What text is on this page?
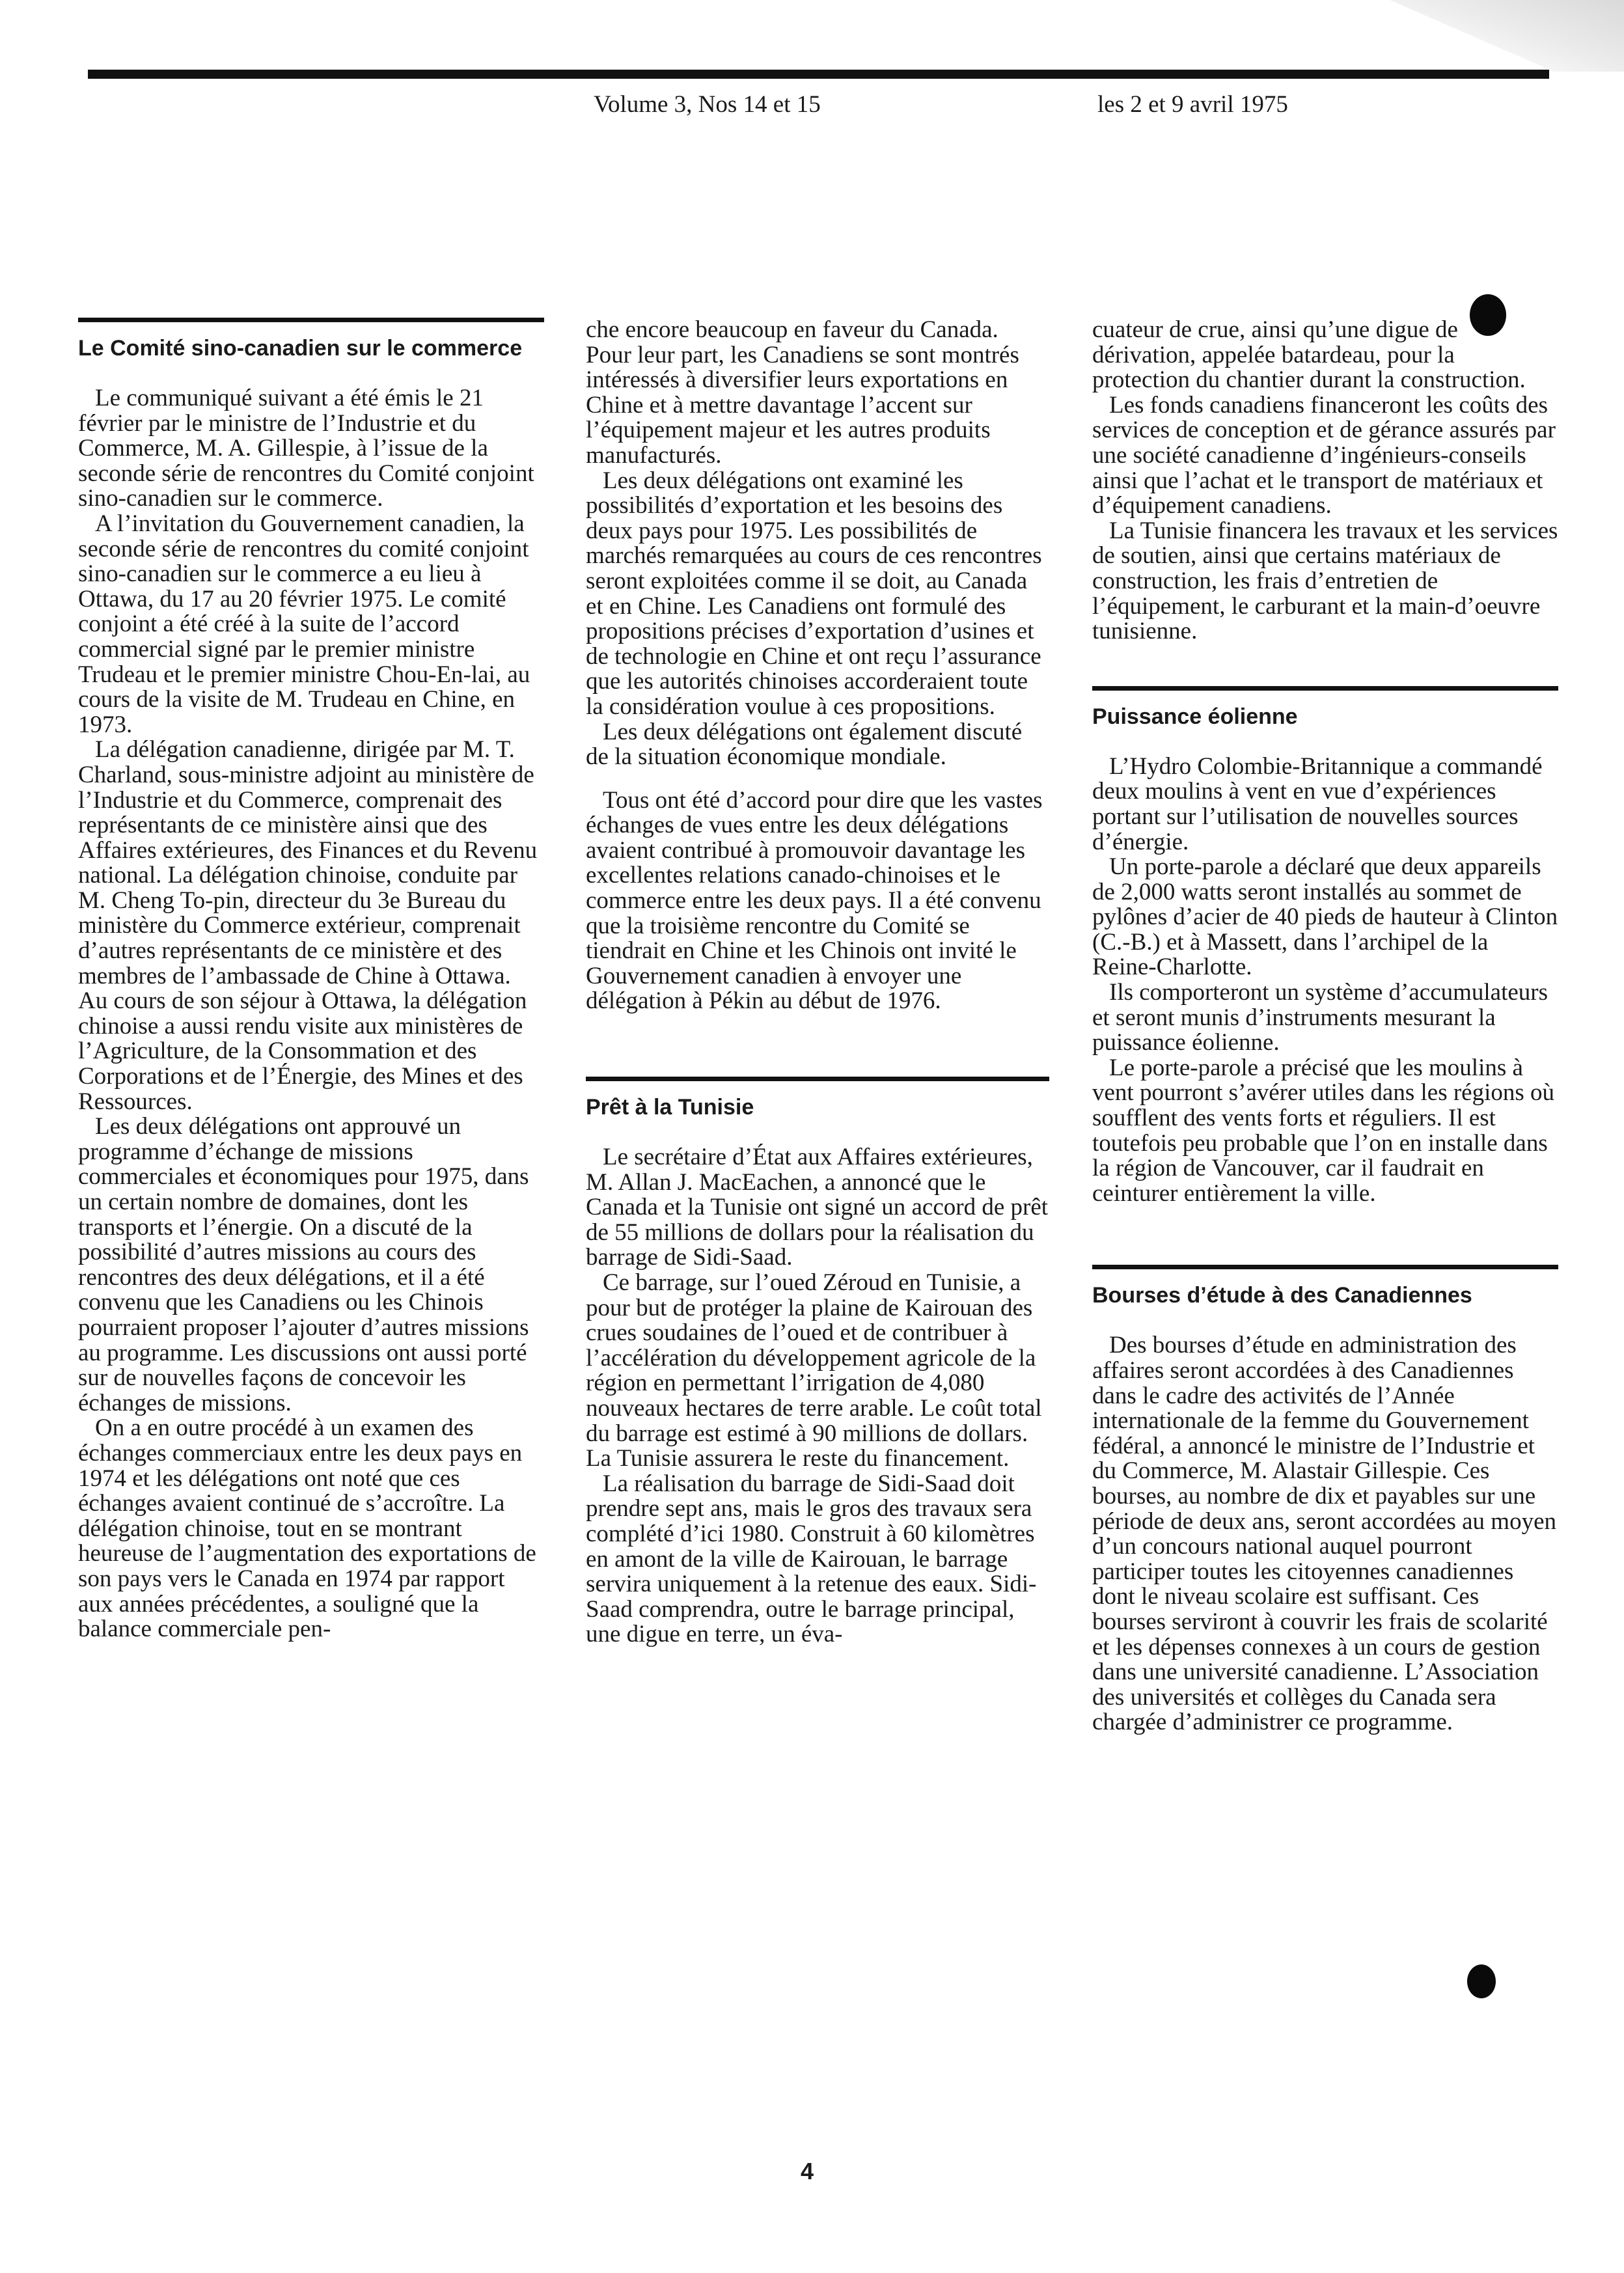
Volume 3, Nos 14 et 15	les 2 et 9 avril 1975
Le Comité sino-canadien sur le commerce

Le communiqué suivant a été émis le 21 février par le ministre de l’Industrie et du Commerce, M. A. Gillespie, à l’issue de la seconde série de rencontres du Comité conjoint sino-canadien sur le commerce.

A l’invitation du Gouvernement canadien, la seconde série de rencontres du comité conjoint sino-canadien sur le commerce a eu lieu à Ottawa, du 17 au 20 février 1975. Le comité conjoint a été créé à la suite de l’accord commercial signé par le premier ministre Trudeau et le premier ministre Chou-En-lai, au cours de la visite de M. Trudeau en Chine, en 1973.

La délégation canadienne, dirigée par M. T. Charland, sous-ministre adjoint au ministère de l’Industrie et du Commerce, comprenait des représentants de ce ministère ainsi que des Affaires extérieures, des Finances et du Revenu national. La délégation chinoise, conduite par M. Cheng To-pin, directeur du 3e Bureau du ministère du Commerce extérieur, comprenait d’autres représentants de ce ministère et des membres de l’ambassade de Chine à Ottawa. Au cours de son séjour à Ottawa, la délégation chinoise a aussi rendu visite aux ministères de l’Agriculture, de la Consommation et des Corporations et de l’Énergie, des Mines et des Ressources.

Les deux délégations ont approuvé un programme d’échange de missions commerciales et économiques pour 1975, dans un certain nombre de domaines, dont les transports et l’énergie. On a discuté de la possibilité d’autres missions au cours des rencontres des deux délégations, et il a été convenu que les Canadiens ou les Chinois pourraient proposer l’ajouter d’autres missions au programme. Les discussions ont aussi porté sur de nouvelles façons de concevoir les échanges de missions.

On a en outre procédé à un examen des échanges commerciaux entre les deux pays en 1974 et les délégations ont noté que ces échanges avaient continué de s’accroître. La délégation chinoise, tout en se montrant heureuse de l’augmentation des exportations de son pays vers le Canada en 1974 par rapport aux années précédentes, a souligné que la balance commerciale pen-

che encore beaucoup en faveur du Canada. Pour leur part, les Canadiens se sont montrés intéressés à diversifier leurs exportations en Chine et à mettre davantage l’accent sur l’équipement majeur et les autres produits manufacturés.

Les deux délégations ont examiné les possibilités d’exportation et les besoins des deux pays pour 1975. Les possibilités de marchés remarquées au cours de ces rencontres seront exploitées comme il se doit, au Canada et en Chine. Les Canadiens ont formulé des propositions précises d’exportation d’usines et de technologie en Chine et ont reçu l’assurance que les autorités chinoises accorderaient toute la considération voulue à ces propositions.

Les deux délégations ont également discuté de la situation économique mondiale.

Tous ont été d’accord pour dire que les vastes échanges de vues entre les deux délégations avaient contribué à promouvoir davantage les excellentes relations canado-chinoises et le commerce entre les deux pays. Il a été convenu que la troisième rencontre du Comité se tiendrait en Chine et les Chinois ont invité le Gouvernement canadien à envoyer une délégation à Pékin au début de 1976.

Prêt à la Tunisie

Le secrétaire d’État aux Affaires extérieures, M. Allan J. MacEachen, a annoncé que le Canada et la Tunisie ont signé un accord de prêt de 55 millions de dollars pour la réalisation du barrage de Sidi-Saad.

Ce barrage, sur l’oued Zéroud en Tunisie, a pour but de protéger la plaine de Kairouan des crues soudaines de l’oued et de contribuer à l’accélération du développement agricole de la région en permettant l’irrigation de 4,080 nouveaux hectares de terre arable. Le coût total du barrage est estimé à 90 millions de dollars. La Tunisie assurera le reste du financement.

La réalisation du barrage de Sidi-Saad doit prendre sept ans, mais le gros des travaux sera complété d’ici 1980. Construit à 60 kilomètres en amont de la ville de Kairouan, le barrage servira uniquement à la retenue des eaux. Sidi-Saad comprendra, outre le barrage principal, une digue en terre, un éva-

cuateur de crue, ainsi qu’une digue de dérivation, appelée batardeau, pour la protection du chantier durant la construction.

Les fonds canadiens financeront les coûts des services de conception et de gérance assurés par une société canadienne d’ingénieurs-conseils ainsi que l’achat et le transport de matériaux et d’équipement canadiens.

La Tunisie financera les travaux et les services de soutien, ainsi que certains matériaux de construction, les frais d’entretien de l’équipement, le carburant et la main-d’oeuvre tunisienne.

Puissance éolienne

L’Hydro Colombie-Britannique a commandé deux moulins à vent en vue d’expériences portant sur l’utilisation de nouvelles sources d’énergie.

Un porte-parole a déclaré que deux appareils de 2,000 watts seront installés au sommet de pylônes d’acier de 40 pieds de hauteur à Clinton (C.-B.) et à Massett, dans l’archipel de la Reine-Charlotte.

Ils comporteront un système d’accumulateurs et seront munis d’instruments mesurant la puissance éolienne.

Le porte-parole a précisé que les moulins à vent pourront s’avérer utiles dans les régions où soufflent des vents forts et réguliers. Il est toutefois peu probable que l’on en installe dans la région de Vancouver, car il faudrait en ceinturer entièrement la ville.

Bourses d’étude à des Canadiennes

Des bourses d’étude en administration des affaires seront accordées à des Canadiennes dans le cadre des activités de l’Année internationale de la femme du Gouvernement fédéral, a annoncé le ministre de l’Industrie et du Commerce, M. Alastair Gillespie. Ces bourses, au nombre de dix et payables sur une période de deux ans, seront accordées au moyen d’un concours national auquel pourront participer toutes les citoyennes canadiennes dont le niveau scolaire est suffisant. Ces bourses serviront à couvrir les frais de scolarité et les dépenses connexes à un cours de gestion dans une université canadienne. L’Association des universités et collèges du Canada sera chargée d’administrer ce programme.

4
